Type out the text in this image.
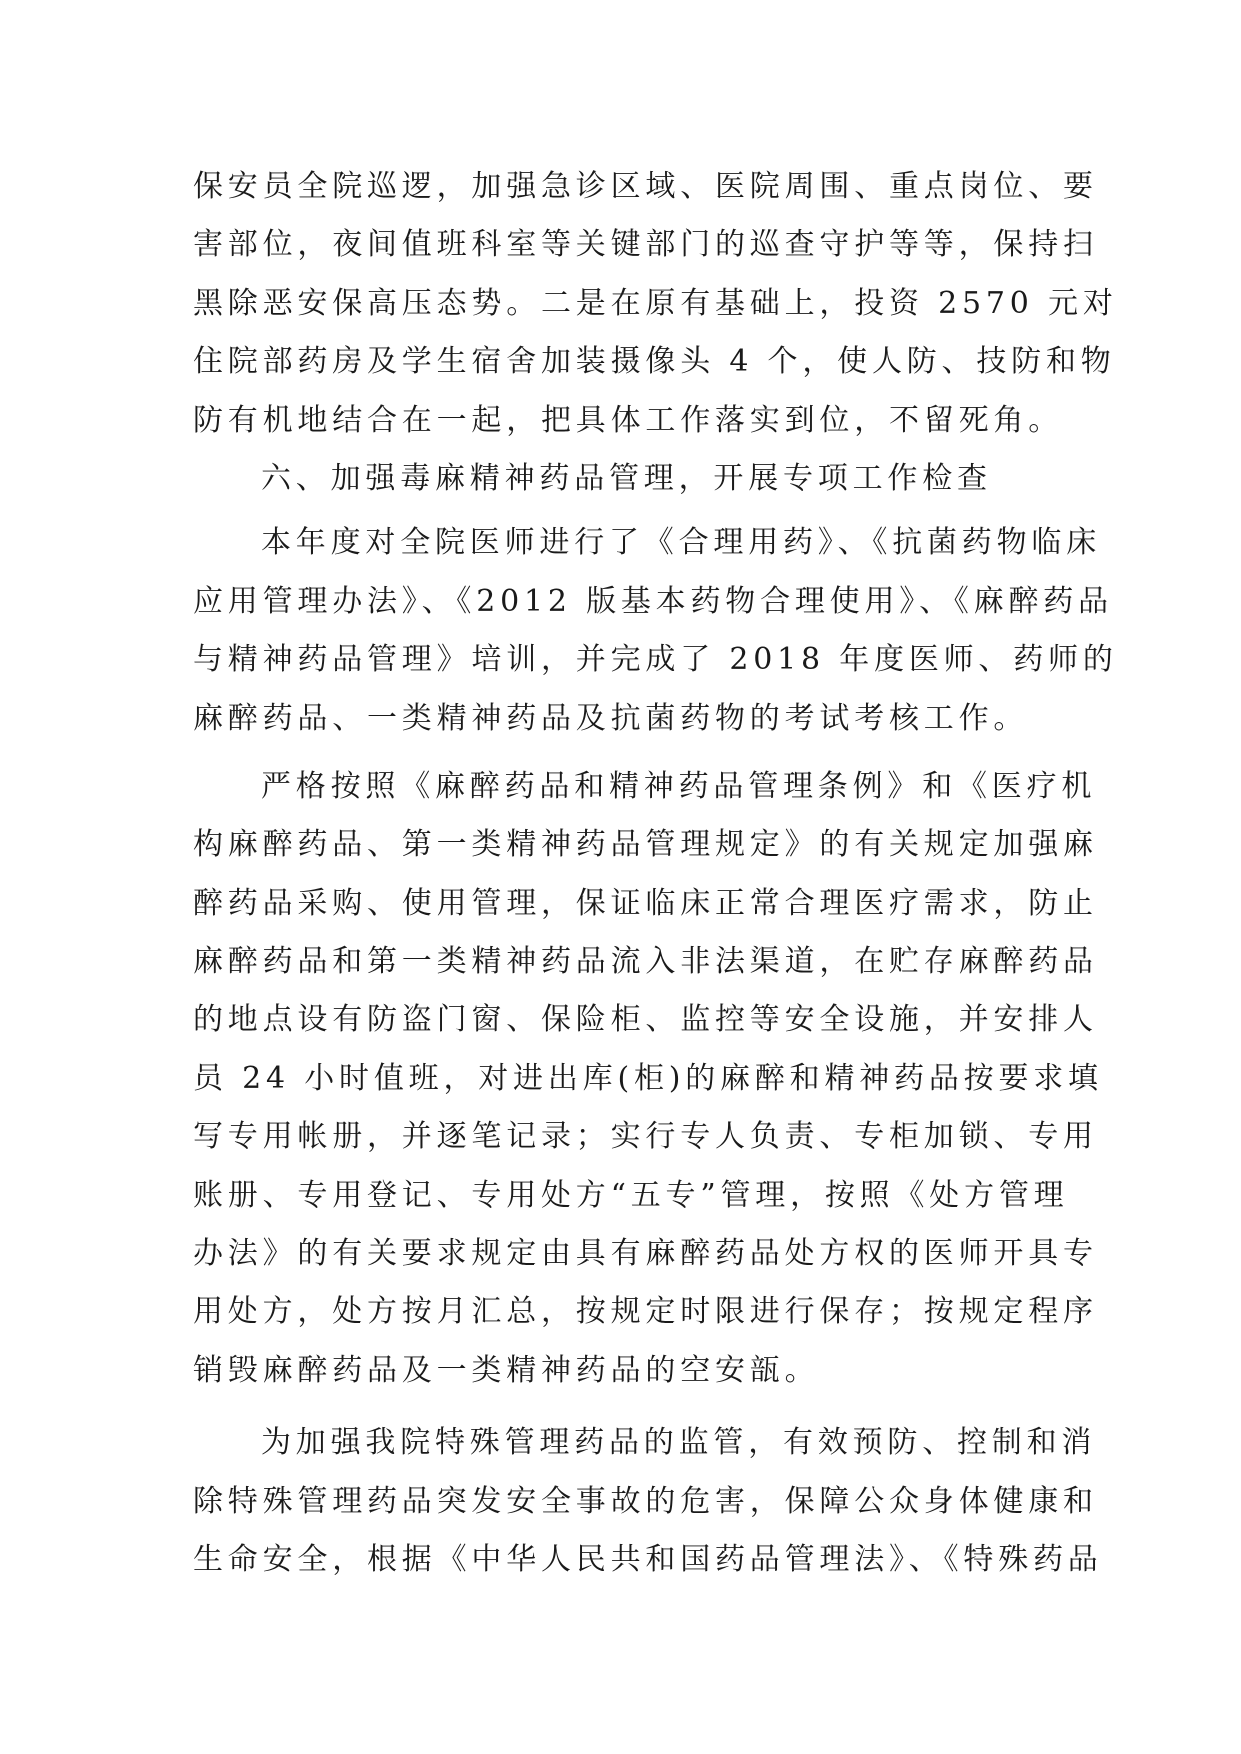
保安员全院巡逻，加强急诊区域、医院周围、重点岗位、要
害部位，夜间值班科室等关键部门的巡查守护等等，保持扫
黑除恶安保高压态势。二是在原有基础上，投资 2570 元对
住院部药房及学生宿舍加装摄像头 4 个，使人防、技防和物
防有机地结合在一起，把具体工作落实到位，不留死角。
六、加强毒麻精神药品管理，开展专项工作检查
本年度对全院医师进行了《合理用药》、《抗菌药物临床
应用管理办法》、《2012 版基本药物合理使用》、《麻醉药品
与精神药品管理》培训，并完成了 2018 年度医师、药师的
麻醉药品、一类精神药品及抗菌药物的考试考核工作。
严格按照《麻醉药品和精神药品管理条例》和《医疗机
构麻醉药品、第一类精神药品管理规定》的有关规定加强麻
醉药品采购、使用管理，保证临床正常合理医疗需求，防止
麻醉药品和第一类精神药品流入非法渠道，在贮存麻醉药品
的地点设有防盗门窗、保险柜、监控等安全设施，并安排人
员 24 小时值班，对进出库(柜)的麻醉和精神药品按要求填
写专用帐册，并逐笔记录；实行专人负责、专柜加锁、专用
账册、专用登记、专用处方“五专”管理，按照《处方管理
办法》的有关要求规定由具有麻醉药品处方权的医师开具专
用处方，处方按月汇总，按规定时限进行保存；按规定程序
销毁麻醉药品及一类精神药品的空安瓿。
为加强我院特殊管理药品的监管，有效预防、控制和消
除特殊管理药品突发安全事故的危害，保障公众身体健康和
生命安全，根据《中华人民共和国药品管理法》、《特殊药品
